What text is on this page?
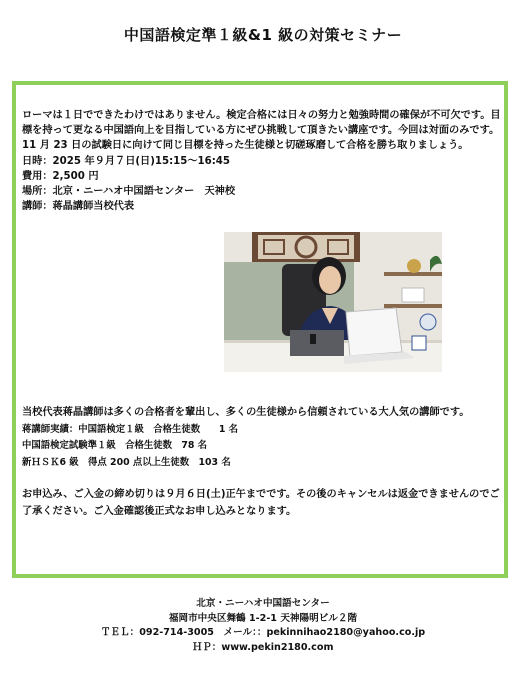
中国語検定準１級&1 級の対策セミナー

ローマは１日でできたわけではありません。検定合格には日々の努力と勉強時間の確保が不可欠です。目標を持って更なる中国語向上を目指している方にぜひ挑戦して頂きたい講座です。今回は対面のみです。11 月 23 日の試験日に向けて同じ目標を持った生徒様と切磋琢磨して合格を勝ち取りましょう。

日時：2025 年９月７日(日)15:15～16:45

費用：2,500 円

場所：北京・ニーハオ中国語センター　天神校

講師：蒋晶講師当校代表

当校代表蒋晶講師は多くの合格者を輩出し、多くの生徒様から信頼されている大人気の講師です。

蒋講師実績：中国語検定１級　合格生徒数　　1 名

中国語検定試験準１級　合格生徒数　78 名

新ＨＳＫ6 級　得点 200 点以上生徒数　103 名

お申込み、ご入金の締め切りは９月６日(土)正午までです。その後のキャンセルは返金できませんのでご了承ください。ご入金確認後正式なお申し込みとなります。

北京・ニーハオ中国語センター

福岡市中央区舞鶴 1-2-1 天神陽明ビル２階

ＴＥＬ：092-714-3005　メール：：pekinnihao2180@yahoo.co.jp

ＨＰ：www.pekin2180.com
